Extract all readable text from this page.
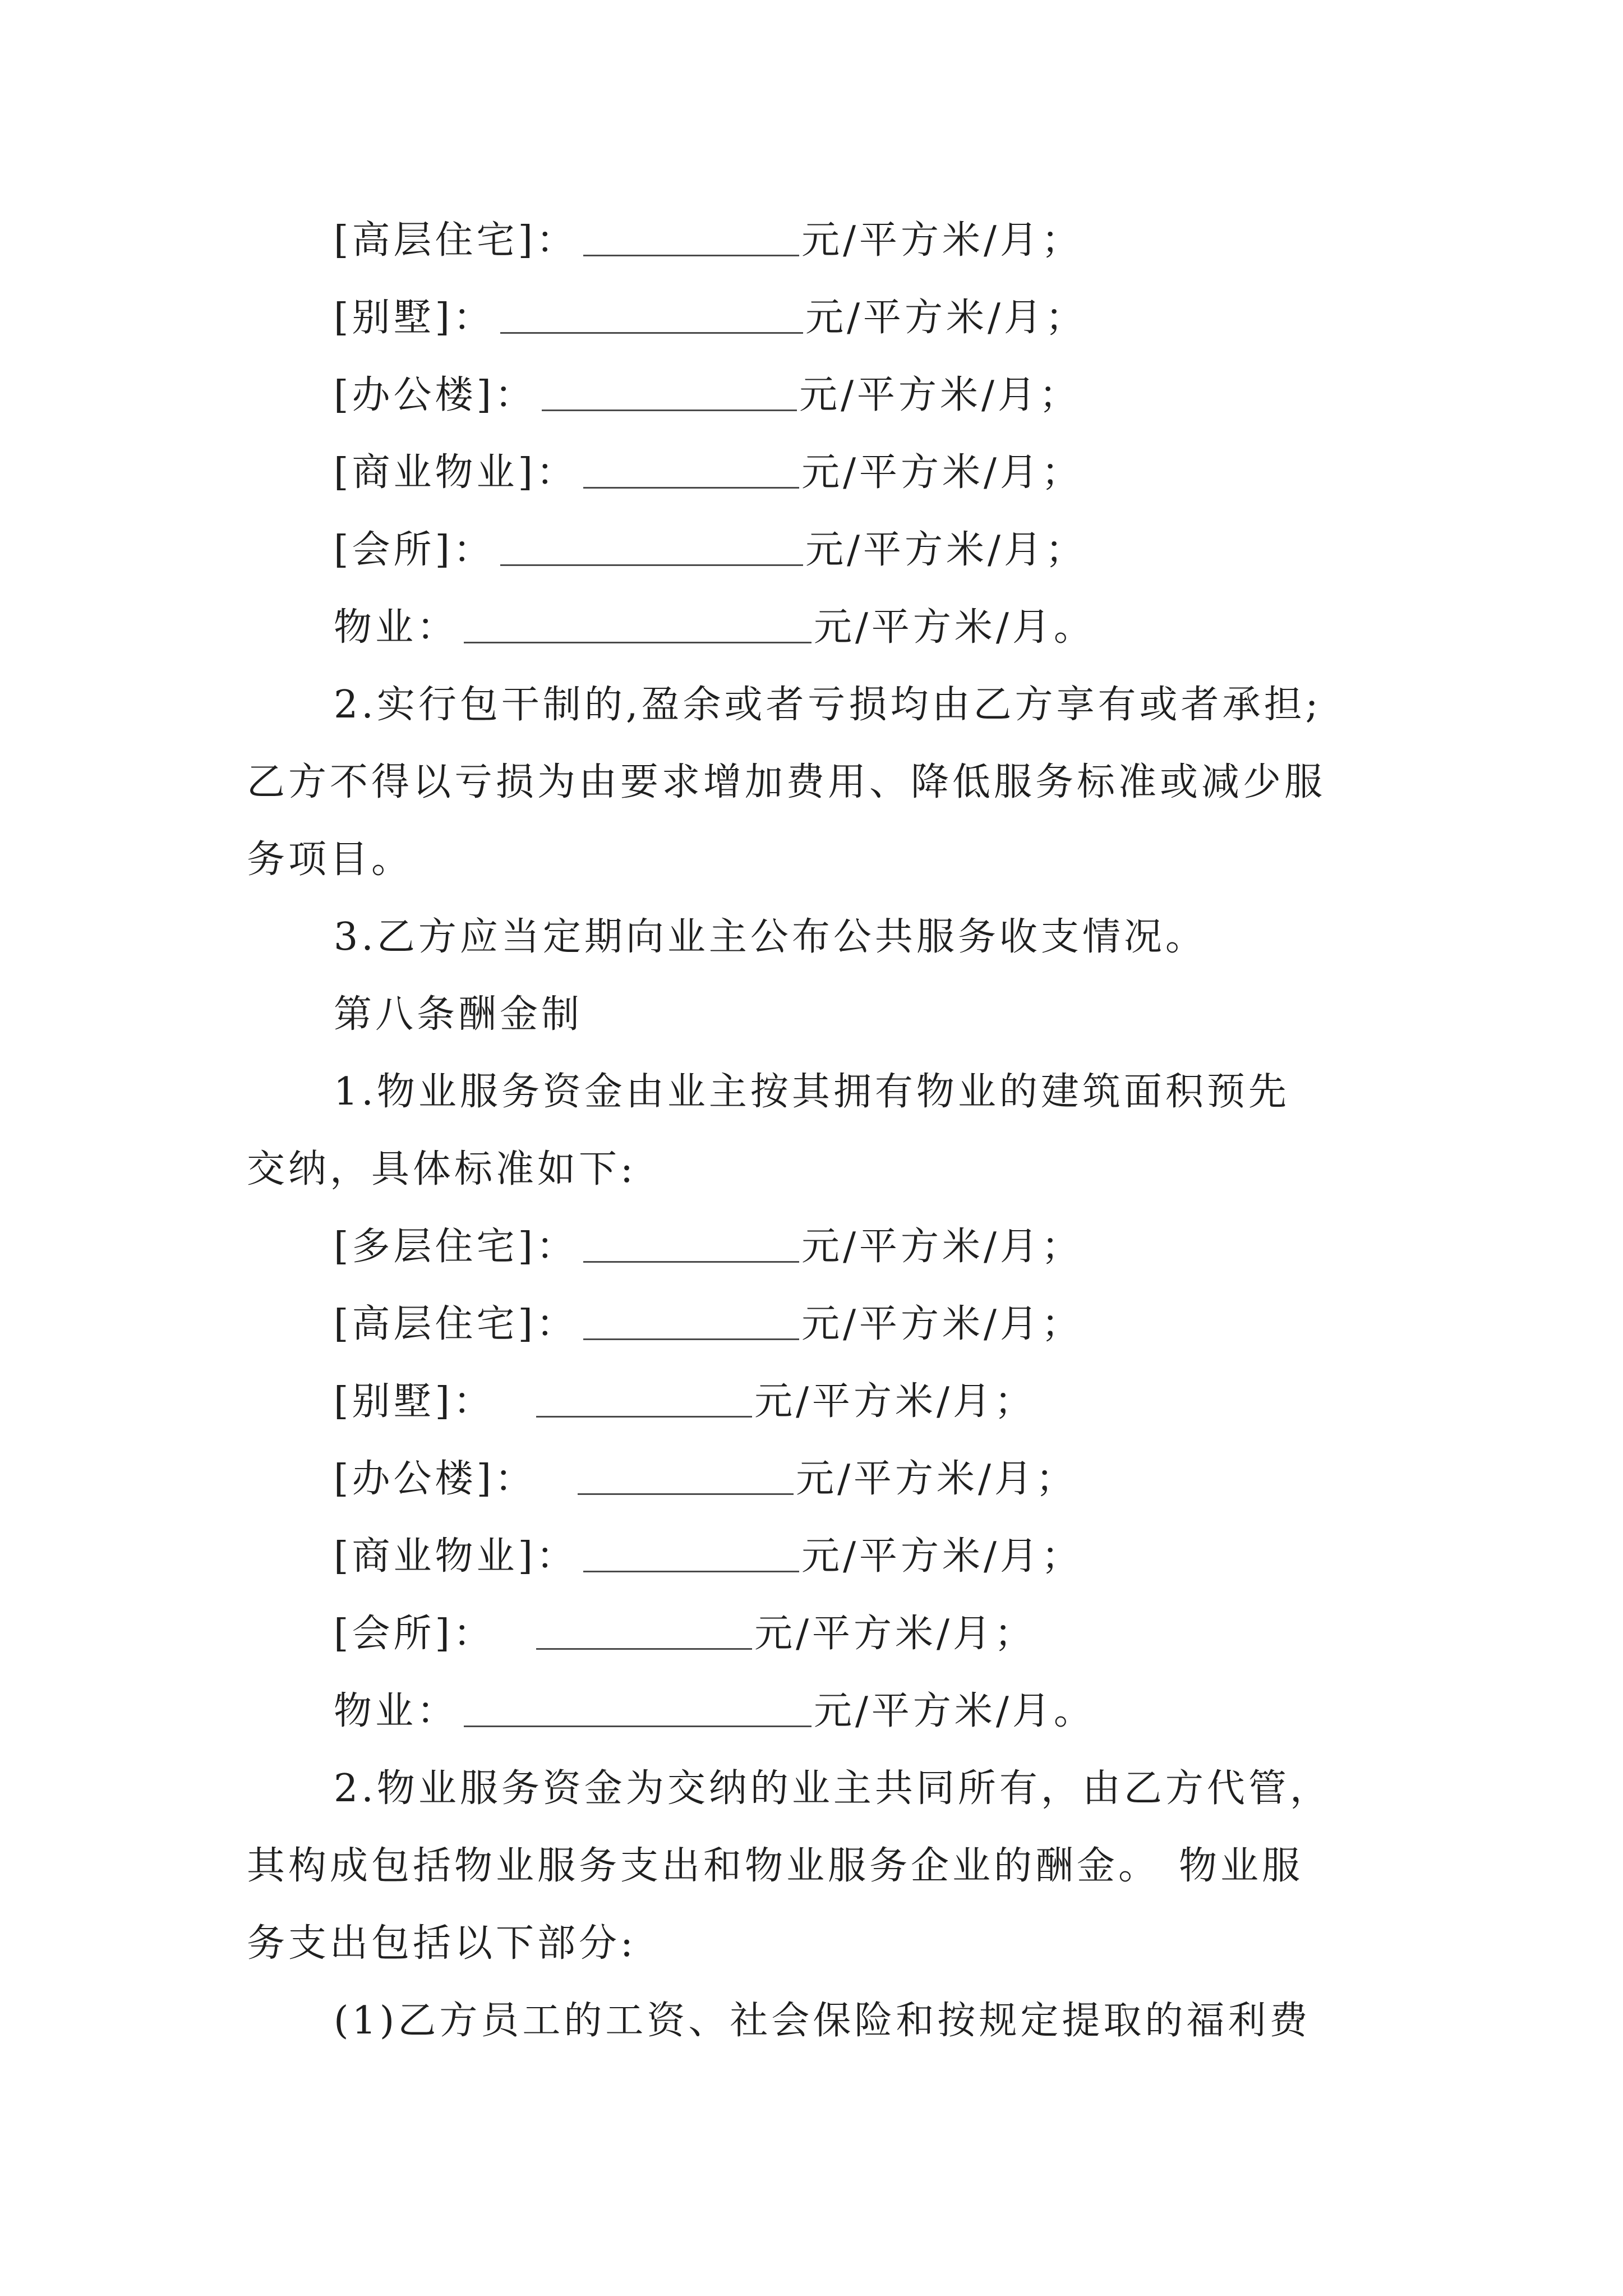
[高层住宅]：	元/平方米/月；
[别墅]：	元/平方米/月；
[办公楼]：	元/平方米/月；
[商业物业]：	元/平方米/月；
[会所]：	元/平方米/月；
物业：	元/平方米/月。
2.实行包干制的,盈余或者亏损均由乙方享有或者承担;
乙方不得以亏损为由要求增加费用、降低服务标准或减少服
务项目。
3.乙方应当定期向业主公布公共服务收支情况。
第八条酬金制
1.物业服务资金由业主按其拥有物业的建筑面积预先
交纳，具体标准如下:
[多层住宅]：	元/平方米/月；
[高层住宅]：	元/平方米/月；
[别墅]：	元/平方米/月；
[办公楼]：	元/平方米/月；
[商业物业]：	元/平方米/月；
[会所]：	元/平方米/月；
物业：	元/平方米/月。
2.物业服务资金为交纳的业主共同所有，由乙方代管，
其构成包括物业服务支出和物业服务企业的酬金。 物业服
务支出包括以下部分:
(1)乙方员工的工资、社会保险和按规定提取的福利费
